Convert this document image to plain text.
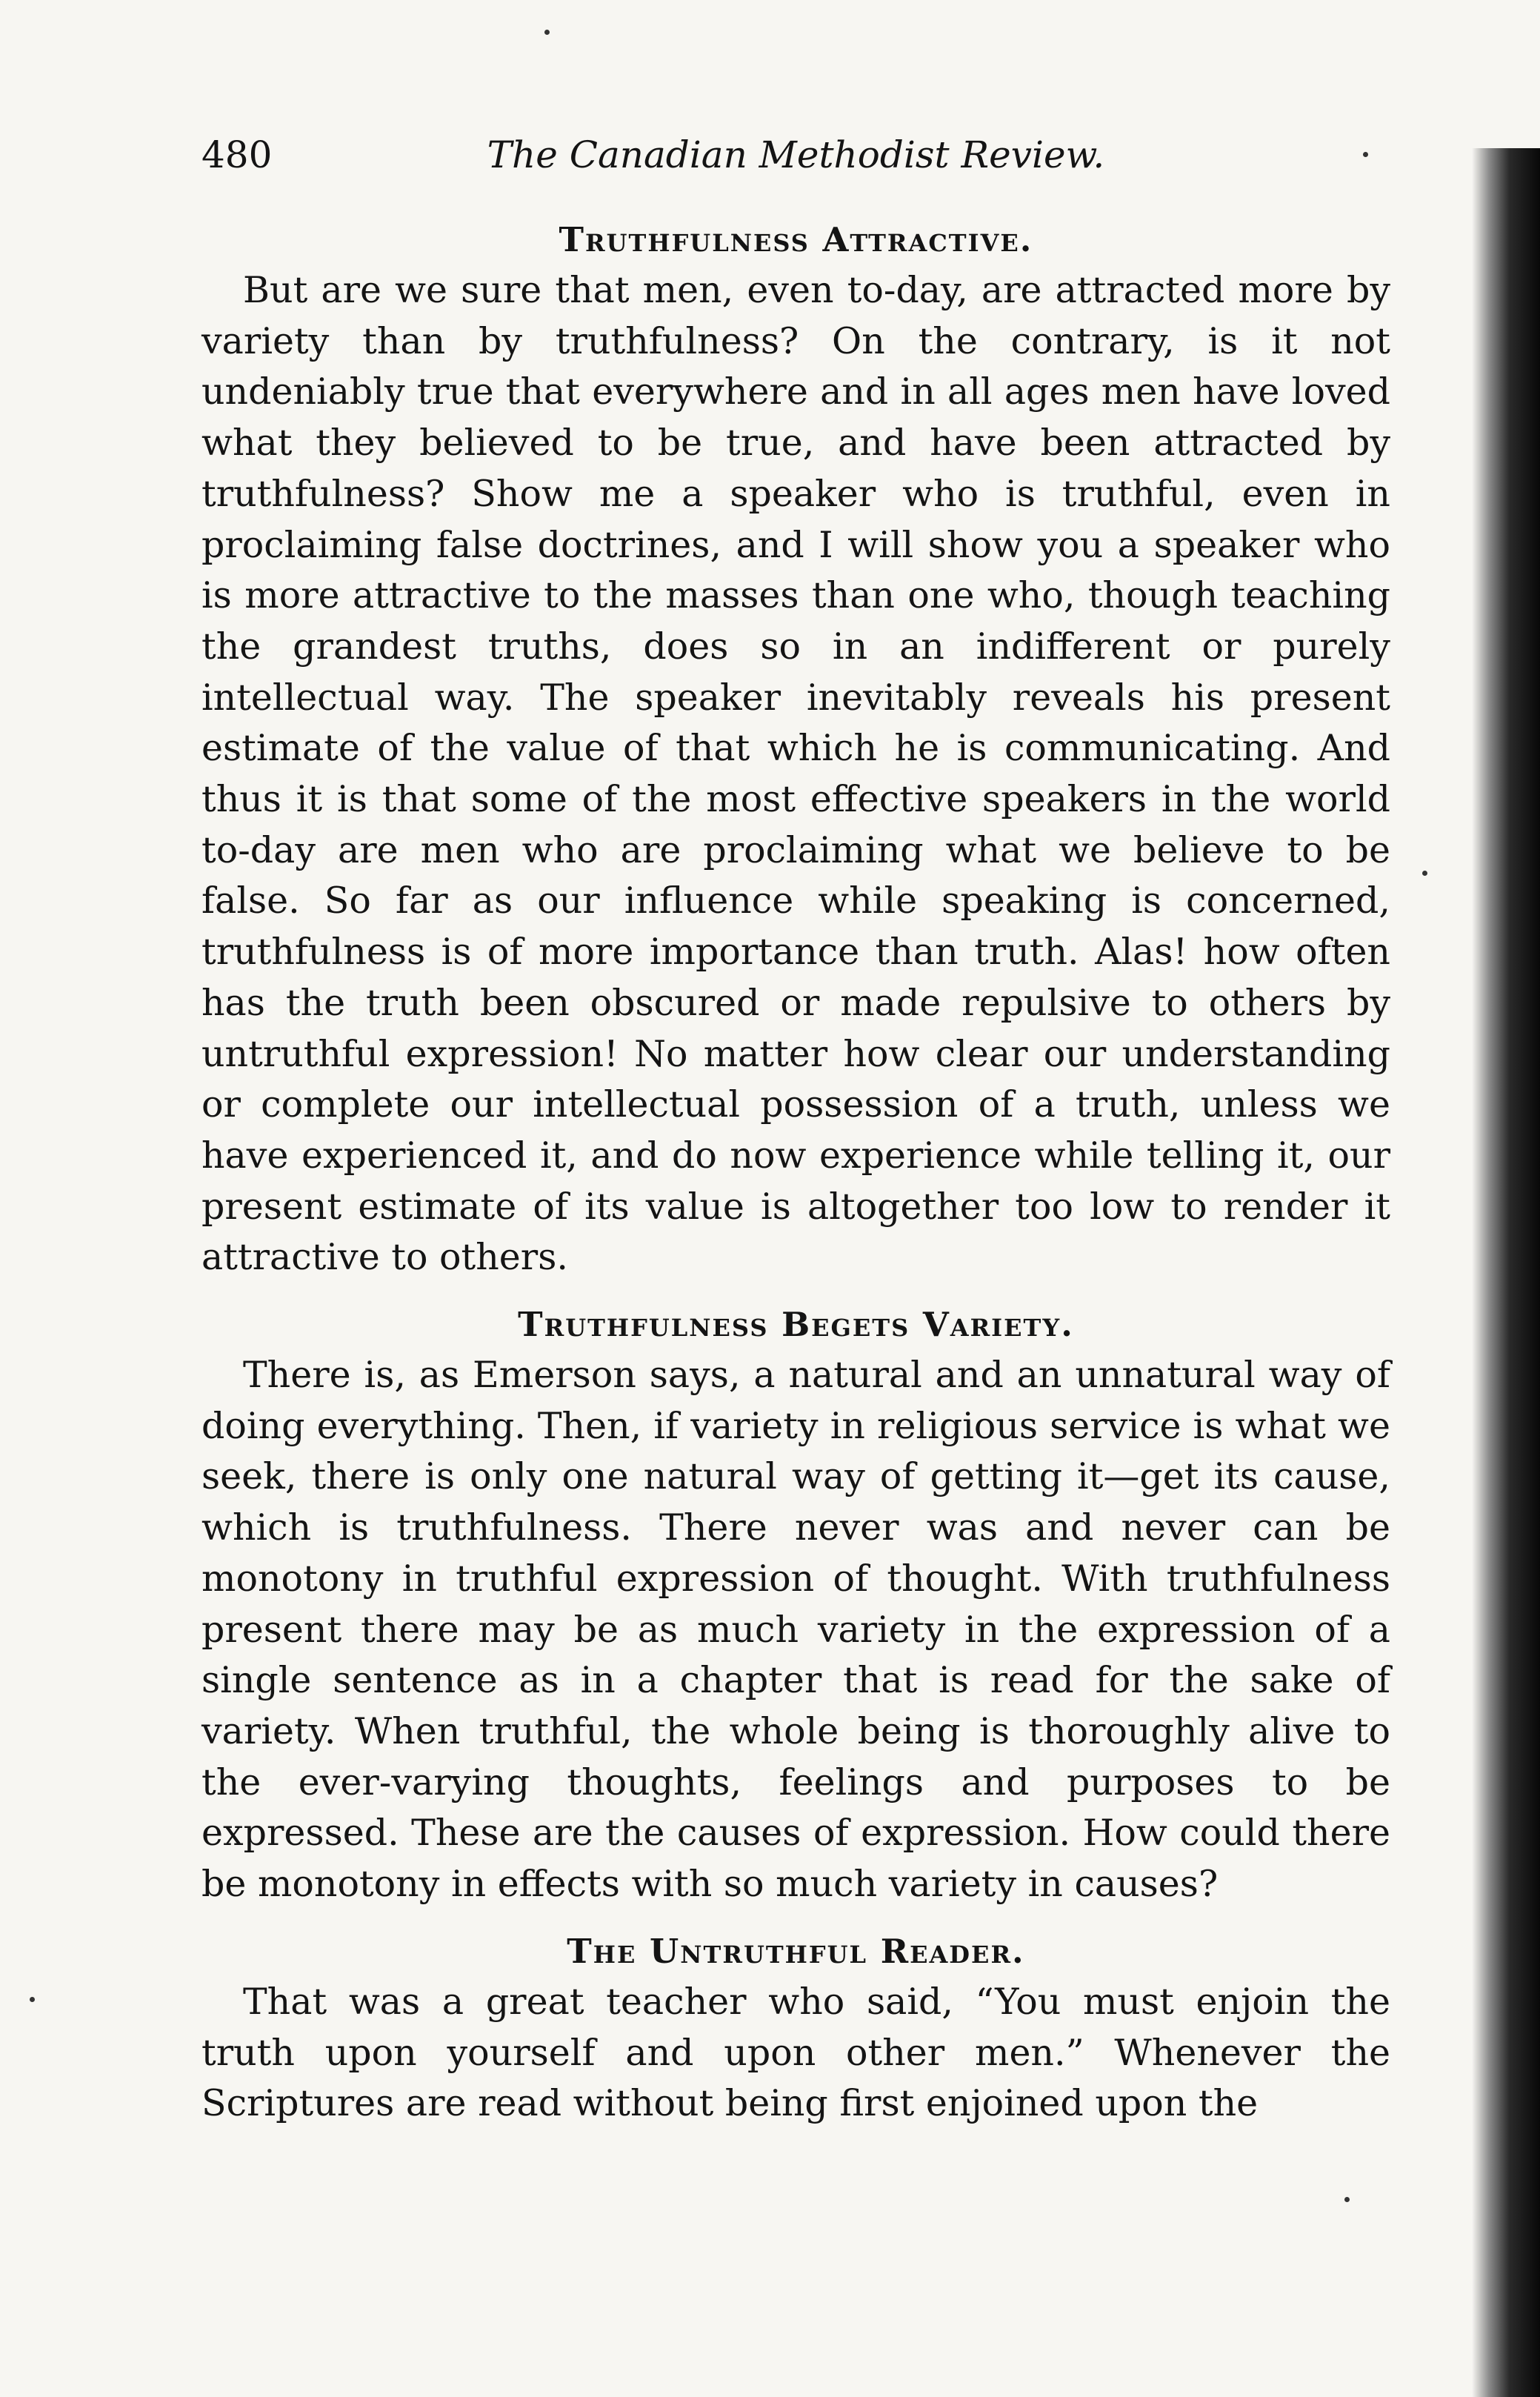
480	The Canadian Methodist Review.
Truthfulness Attractive.

But are we sure that men, even to-day, are attracted more by variety than by truthfulness? On the contrary, is it not undeniably true that everywhere and in all ages men have loved what they believed to be true, and have been attracted by truthfulness? Show me a speaker who is truthful, even in proclaiming false doctrines, and I will show you a speaker who is more attractive to the masses than one who, though teaching the grandest truths, does so in an indifferent or purely intellectual way. The speaker inevitably reveals his present estimate of the value of that which he is communicating. And thus it is that some of the most effective speakers in the world to-day are men who are proclaiming what we believe to be false. So far as our influence while speaking is concerned, truthfulness is of more importance than truth. Alas! how often has the truth been obscured or made repulsive to others by untruthful expression! No matter how clear our understanding or complete our intellectual possession of a truth, unless we have experienced it, and do now experience while telling it, our present estimate of its value is altogether too low to render it attractive to others.

Truthfulness Begets Variety.

There is, as Emerson says, a natural and an unnatural way of doing everything. Then, if variety in religious service is what we seek, there is only one natural way of getting it—get its cause, which is truthfulness. There never was and never can be monotony in truthful expression of thought. With truthfulness present there may be as much variety in the expression of a single sentence as in a chapter that is read for the sake of variety. When truthful, the whole being is thoroughly alive to the ever-varying thoughts, feelings and purposes to be expressed. These are the causes of expression. How could there be monotony in effects with so much variety in causes?

The Untruthful Reader.

That was a great teacher who said, “You must enjoin the truth upon yourself and upon other men.” Whenever the Scriptures are read without being first enjoined upon the
